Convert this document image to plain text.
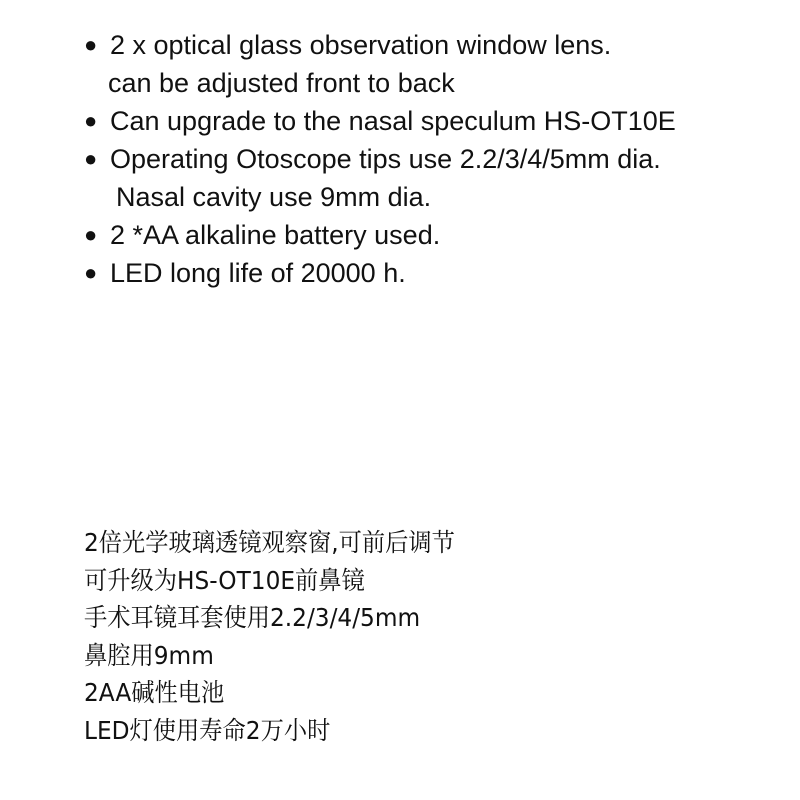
● 2 x optical glass observation window lens.
can be adjusted front to back
● Can upgrade to the nasal speculum HS-OT10E
● Operating Otoscope tips use 2.2/3/4/5mm dia.
Nasal cavity use 9mm dia.
● 2 *AA alkaline battery used.
● LED long life of 20000 h.
2倍光学玻璃透镜观察窗,可前后调节
可升级为HS-OT10E前鼻镜
手术耳镜耳套使用2.2/3/4/5mm
鼻腔用9mm
2AA碱性电池
LED灯使用寿命2万小时
